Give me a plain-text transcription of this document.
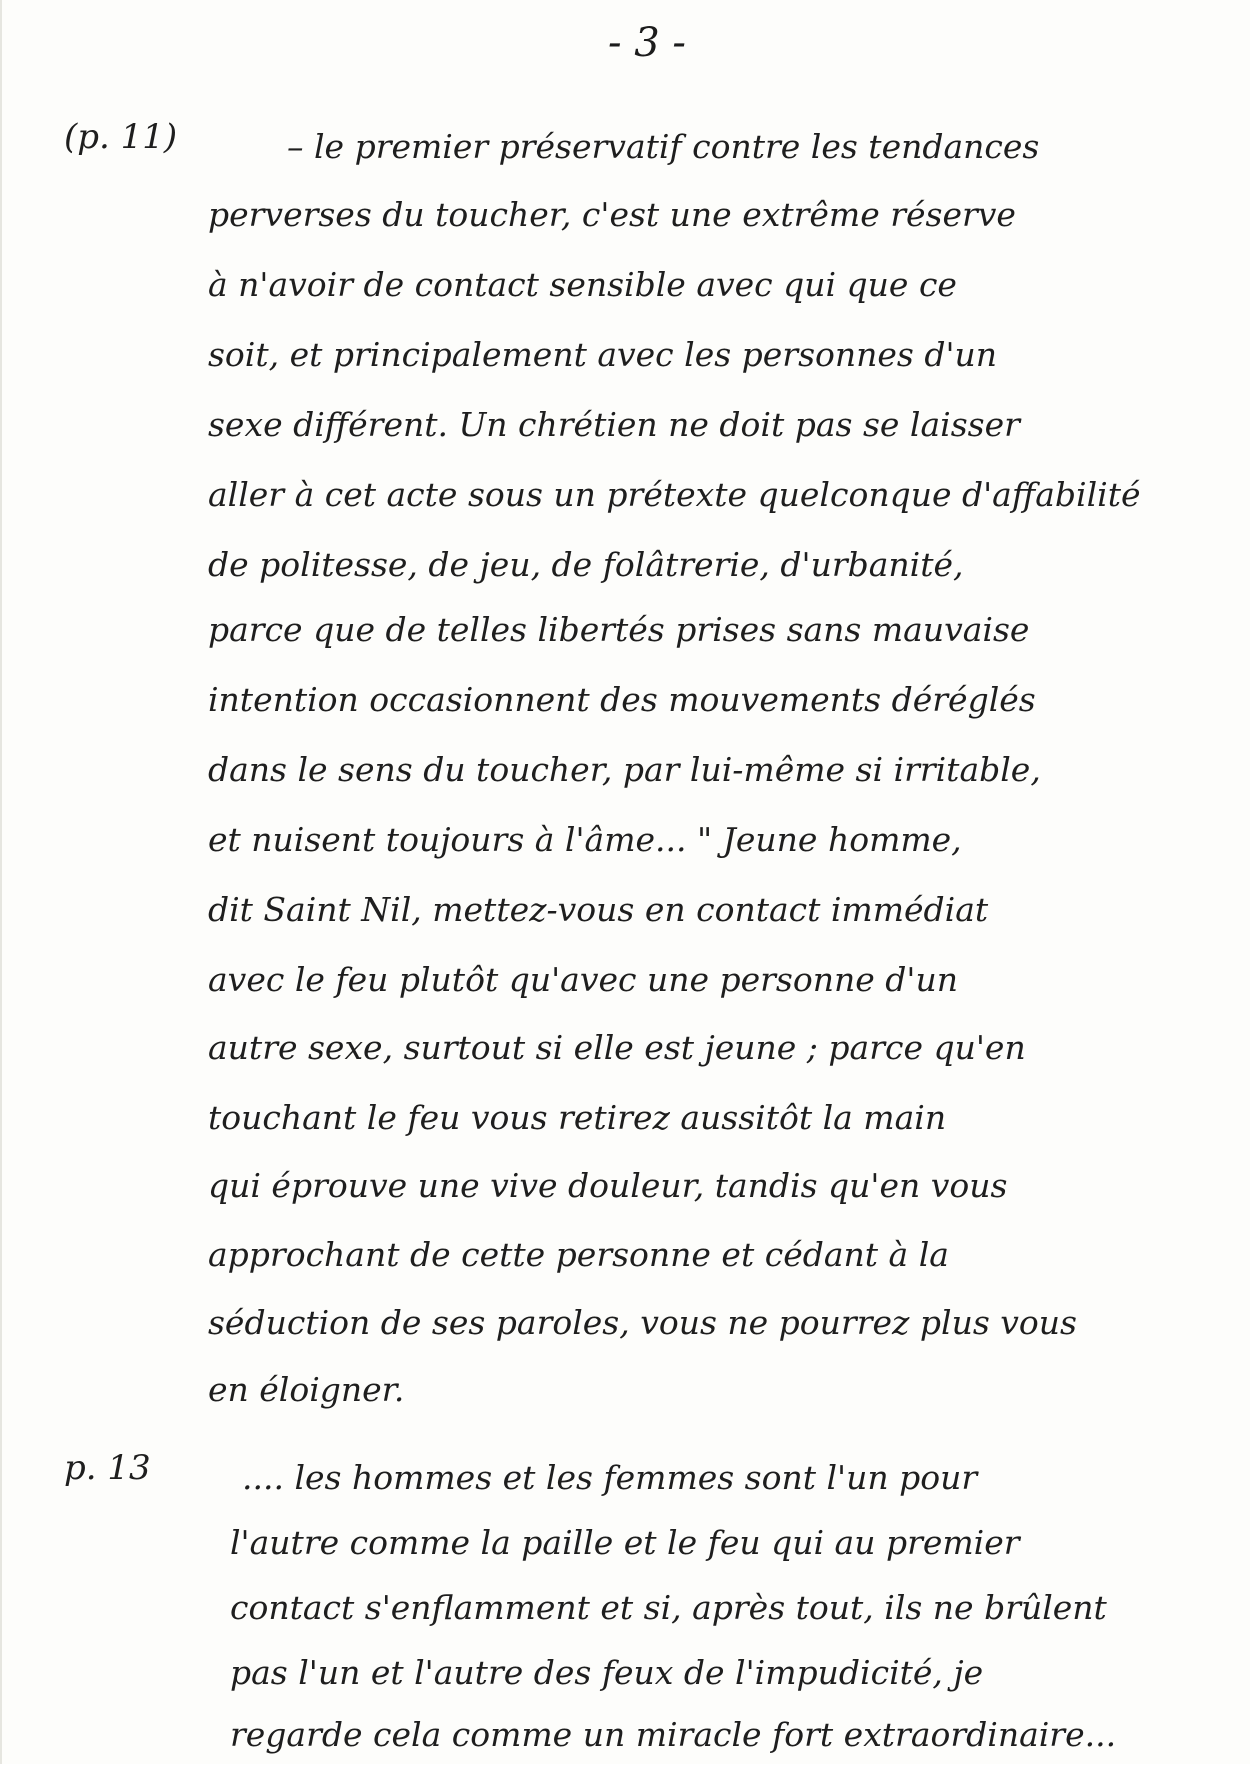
- 3 -
(p. 11)	– le premier préservatif contre les tendances
perverses du toucher, c'est une extrême réserve
à n'avoir de contact sensible avec qui que ce
soit, et principalement avec les personnes d'un
sexe différent. Un chrétien ne doit pas se laisser
aller à cet acte sous un prétexte quelconque d'affabilité
de politesse, de jeu, de folâtrerie, d'urbanité,
parce que de telles libertés prises sans mauvaise
intention occasionnent des mouvements déréglés
dans le sens du toucher, par lui-même si irritable,
et nuisent toujours à l'âme... " Jeune homme,
dit Saint Nil, mettez-vous en contact immédiat
avec le feu plutôt qu'avec une personne d'un
autre sexe, surtout si elle est jeune ; parce qu'en
touchant le feu vous retirez aussitôt la main
qui éprouve une vive douleur, tandis qu'en vous
approchant de cette personne et cédant à la
séduction de ses paroles, vous ne pourrez plus vous
en éloigner.
p. 13	.... les hommes et les femmes sont l'un pour
l'autre comme la paille et le feu qui au premier
contact s'enflamment et si, après tout, ils ne brûlent
pas l'un et l'autre des feux de l'impudicité, je
regarde cela comme un miracle fort extraordinaire...
